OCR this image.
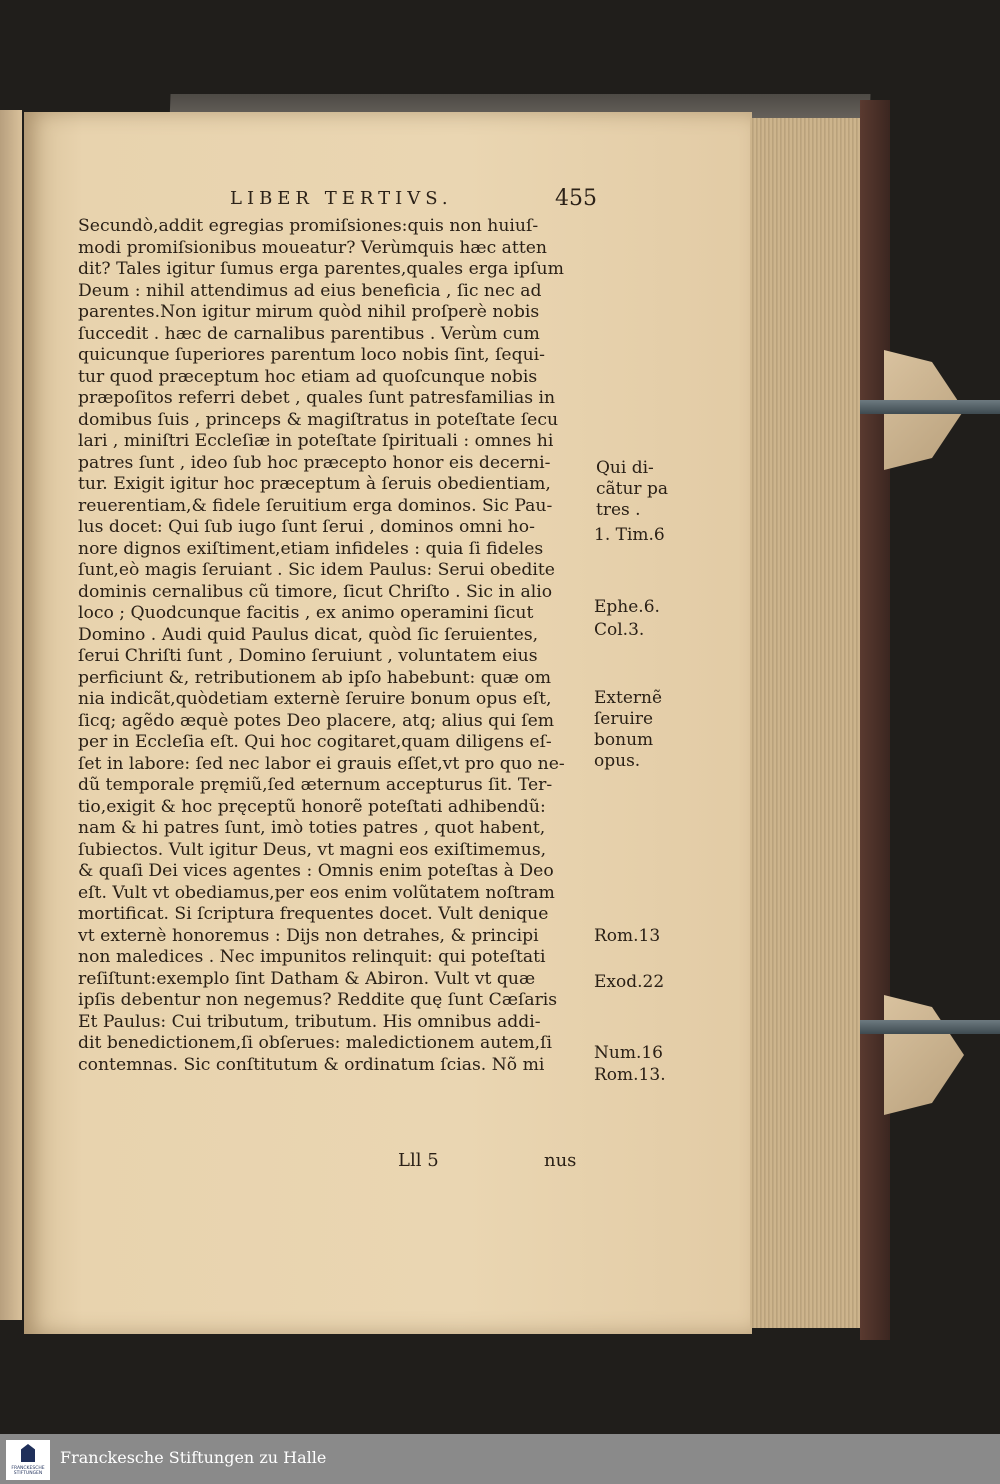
LIBER TERTIVS.	455
Secundò,addit egregias promiſsiones:quis non huiuſ-
modi promiſsionibus moueatur? Verùmquis hæc atten
dit? Tales igitur ſumus erga parentes,quales erga ipſum
Deum : nihil attendimus ad eius beneficia , ſic nec ad
parentes.Non igitur mirum quòd nihil proſperè nobis
ſuccedit . hæc de carnalibus parentibus . Verùm cum
quicunque ſuperiores parentum loco nobis ſint, ſequi-
tur quod præceptum hoc etiam ad quoſcunque nobis
præpoſitos referri debet , quales ſunt patresfamilias in
domibus ſuis , princeps & magiſtratus in poteſtate ſecu
lari , miniſtri Eccleſiæ in poteſtate ſpirituali : omnes hi
patres ſunt , ideo ſub hoc præcepto honor eis decerni-
tur. Exigit igitur hoc præceptum à ſeruis obedientiam,
reuerentiam,& fidele ſeruitium erga dominos. Sic Pau-
lus docet: Qui ſub iugo ſunt ſerui , dominos omni ho-
nore dignos exiſtiment,etiam infideles : quia ſi fideles
ſunt,eò magis ſeruiant . Sic idem Paulus: Serui obedite
dominis cernalibus cũ timore, ſicut Chriſto . Sic in alio
loco ; Quodcunque facitis , ex animo operamini ſicut
Domino . Audi quid Paulus dicat, quòd ſic ſeruientes,
ſerui Chriſti ſunt , Domino ſeruiunt , voluntatem eius
perficiunt &, retributionem ab ipſo habebunt: quæ om
nia indicãt,quòdetiam externè ſeruire bonum opus eſt,
ſicq; agẽdo æquè potes Deo placere, atq; alius qui ſem
per in Eccleſia eſt. Qui hoc cogitaret,quam diligens eſ-
ſet in labore: ſed nec labor ei grauis eſſet,vt pro quo ne-
dũ temporale pręmiũ,ſed æternum accepturus ſit. Ter-
tio,exigit & hoc pręceptũ honorẽ poteſtati adhibendũ:
nam & hi patres ſunt, imò toties patres , quot habent,
ſubiectos. Vult igitur Deus, vt magni eos exiſtimemus,
& quaſi Dei vices agentes : Omnis enim poteſtas à Deo
eſt. Vult vt obediamus,per eos enim volũtatem noſtram
mortificat. Si ſcriptura frequentes docet. Vult denique
vt externè honoremus : Dijs non detrahes, & principi
non maledices . Nec impunitos relinquit: qui poteſtati
reſiſtunt:exemplo ſint Datham & Abiron. Vult vt quæ
ipſis debentur non negemus? Reddite quę ſunt Cæſaris
Et Paulus: Cui tributum, tributum. His omnibus addi-
dit benedictionem,ſi obſerues: maledictionem autem,ſi
contemnas. Sic conſtitutum & ordinatum ſcias. Nõ mi
Qui di-
cãtur pa
tres .
1. Tim.6
Ephe.6.
Col.3.
Externẽ
ſeruire
bonum
opus.
Rom.13
Exod.22
Num.16
Rom.13.
Lll 5	nus
FRANCKESCHE STIFTUNGEN
Franckesche Stiftungen zu Halle
